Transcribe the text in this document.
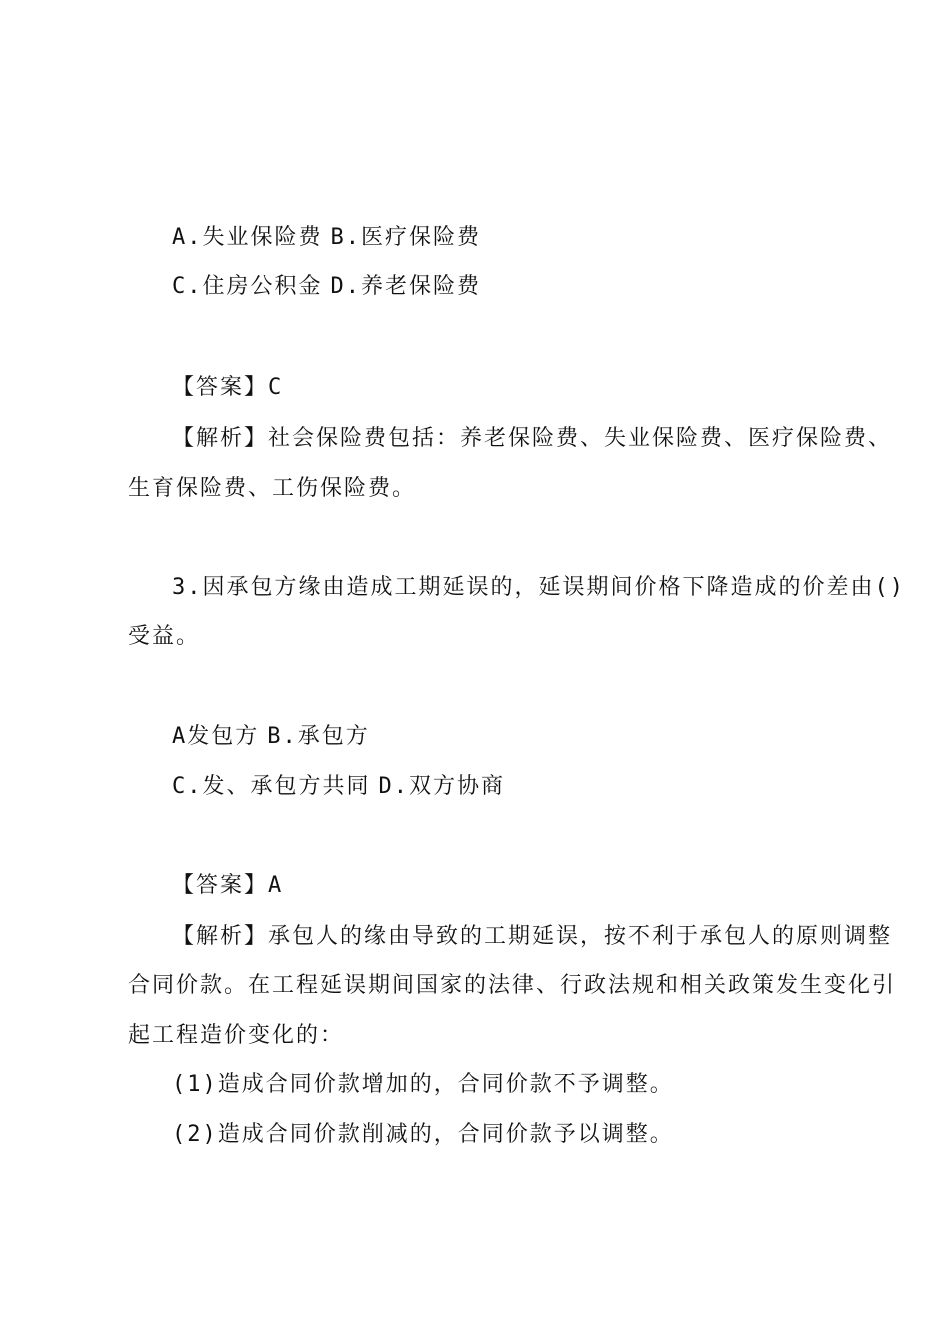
A.失业保险费 B.医疗保险费
C.住房公积金 D.养老保险费
【答案】C
【解析】社会保险费包括：养老保险费、失业保险费、医疗保险费、
生育保险费、工伤保险费。
3.因承包方缘由造成工期延误的，延误期间价格下降造成的价差由()
受益。
A发包方 B.承包方
C.发、承包方共同 D.双方协商
【答案】A
【解析】承包人的缘由导致的工期延误，按不利于承包人的原则调整
合同价款。在工程延误期间国家的法律、行政法规和相关政策发生变化引
起工程造价变化的：
(1)造成合同价款增加的，合同价款不予调整。
(2)造成合同价款削减的，合同价款予以调整。
